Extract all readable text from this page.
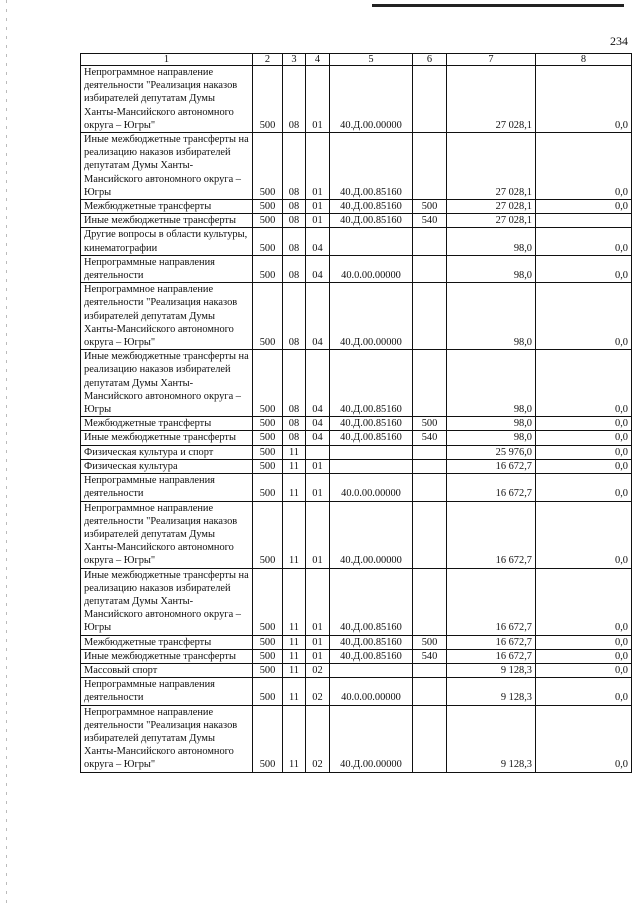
234
1	2	3	4	5	6	7	8
Непрограммное направление деятельности "Реализация наказов избирателей депутатам Думы Ханты-Мансийского автономного округа – Югры"	500	08	01	40.Д.00.00000		27 028,1	0,0
Иные межбюджетные трансферты на реализацию наказов избирателей депутатам Думы Ханты-Мансийского автономного округа – Югры	500	08	01	40.Д.00.85160		27 028,1	0,0
Межбюджетные трансферты	500	08	01	40.Д.00.85160	500	27 028,1	0,0
Иные межбюджетные трансферты	500	08	01	40.Д.00.85160	540	27 028,1	
Другие вопросы в области культуры, кинематографии	500	08	04			98,0	0,0
Непрограммные направления деятельности	500	08	04	40.0.00.00000		98,0	0,0
Непрограммное направление деятельности "Реализация наказов избирателей депутатам Думы Ханты-Мансийского автономного округа – Югры"	500	08	04	40.Д.00.00000		98,0	0,0
Иные межбюджетные трансферты на реализацию наказов избирателей депутатам Думы Ханты-Мансийского автономного округа – Югры	500	08	04	40.Д.00.85160		98,0	0,0
Межбюджетные трансферты	500	08	04	40.Д.00.85160	500	98,0	0,0
Иные межбюджетные трансферты	500	08	04	40.Д.00.85160	540	98,0	0,0
Физическая культура и спорт	500	11				25 976,0	0,0
Физическая культура	500	11	01			16 672,7	0,0
Непрограммные направления деятельности	500	11	01	40.0.00.00000		16 672,7	0,0
Непрограммное направление деятельности "Реализация наказов избирателей депутатам Думы Ханты-Мансийского автономного округа – Югры"	500	11	01	40.Д.00.00000		16 672,7	0,0
Иные межбюджетные трансферты на реализацию наказов избирателей депутатам Думы Ханты-Мансийского автономного округа – Югры	500	11	01	40.Д.00.85160		16 672,7	0,0
Межбюджетные трансферты	500	11	01	40.Д.00.85160	500	16 672,7	0,0
Иные межбюджетные трансферты	500	11	01	40.Д.00.85160	540	16 672,7	0,0
Массовый спорт	500	11	02			9 128,3	0,0
Непрограммные направления деятельности	500	11	02	40.0.00.00000		9 128,3	0,0
Непрограммное направление деятельности "Реализация наказов избирателей депутатам Думы Ханты-Мансийского автономного округа – Югры"	500	11	02	40.Д.00.00000		9 128,3	0,0
